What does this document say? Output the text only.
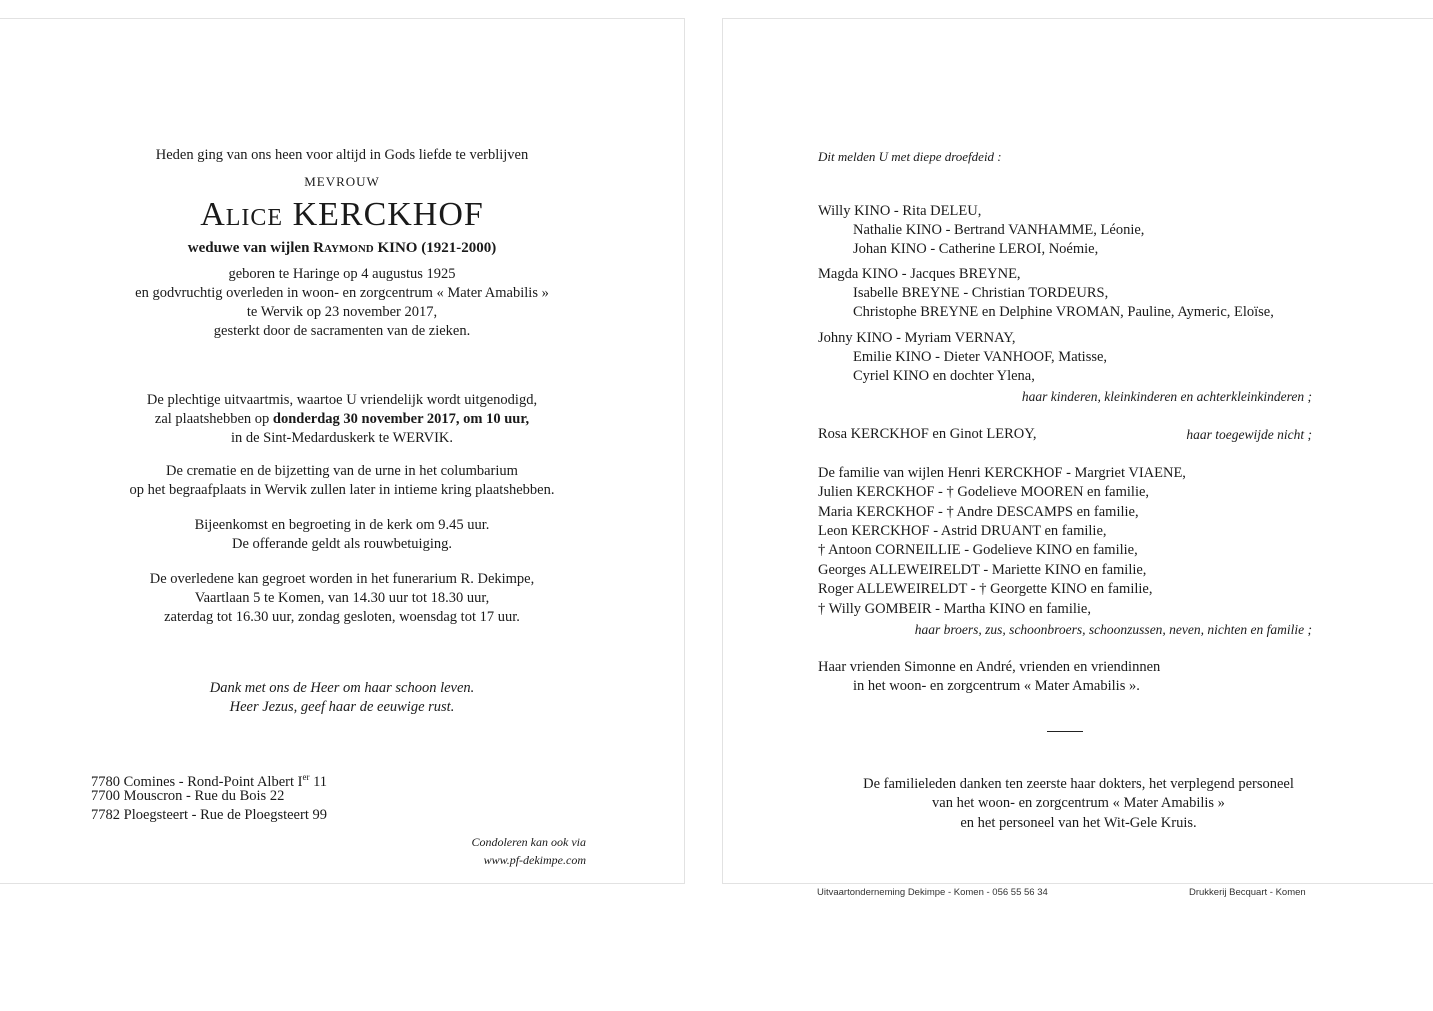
Heden ging van ons heen voor altijd in Gods liefde te verblijven
MEVROUW
Alice KERCKHOF
weduwe van wijlen Raymond KINO (1921-2000)
geboren te Haringe op 4 augustus 1925
en godvruchtig overleden in woon- en zorgcentrum « Mater Amabilis »
te Wervik op 23 november 2017,
gesterkt door de sacramenten van de zieken.
De plechtige uitvaartmis, waartoe U vriendelijk wordt uitgenodigd,
zal plaatshebben op donderdag 30 november 2017, om 10 uur,
in de Sint-Medarduskerk te WERVIK.
De crematie en de bijzetting van de urne in het columbarium
op het begraafplaats in Wervik zullen later in intieme kring plaatshebben.
Bijeenkomst en begroeting in de kerk om 9.45 uur.
De offerande geldt als rouwbetuiging.
De overledene kan gegroet worden in het funerarium R. Dekimpe,
Vaartlaan 5 te Komen, van 14.30 uur tot 18.30 uur,
zaterdag tot 16.30 uur, zondag gesloten, woensdag tot 17 uur.
Dank met ons de Heer om haar schoon leven.
Heer Jezus, geef haar de eeuwige rust.
7780 Comines - Rond-Point Albert Ier 11
7700 Mouscron - Rue du Bois 22
7782 Ploegsteert - Rue de Ploegsteert 99
Condoleren kan ook via
www.pf-dekimpe.com
Dit melden U met diepe droefdeid :
Willy KINO - Rita DELEU,
Nathalie KINO - Bertrand VANHAMME, Léonie,
Johan KINO - Catherine LEROI, Noémie,
Magda KINO - Jacques BREYNE,
Isabelle BREYNE - Christian TORDEURS,
Christophe BREYNE en Delphine VROMAN, Pauline, Aymeric, Eloïse,
Johny KINO - Myriam VERNAY,
Emilie KINO - Dieter VANHOOF, Matisse,
Cyriel KINO en dochter Ylena,
haar kinderen, kleinkinderen en achterkleinkinderen ;
Rosa KERCKHOF en Ginot LEROY,	haar toegewijde nicht ;
De familie van wijlen Henri KERCKHOF - Margriet VIAENE,
Julien KERCKHOF - † Godelieve MOOREN en familie,
Maria KERCKHOF - † Andre DESCAMPS en familie,
Leon KERCKHOF - Astrid DRUANT en familie,
† Antoon CORNEILLIE - Godelieve KINO en familie,
Georges ALLEWEIRELDT - Mariette KINO en familie,
Roger ALLEWEIRELDT - † Georgette KINO en familie,
† Willy GOMBEIR - Martha KINO en familie,
haar broers, zus, schoonbroers, schoonzussen, neven, nichten en familie ;
Haar vrienden Simonne en André, vrienden en vriendinnen
in het woon- en zorgcentrum « Mater Amabilis ».
De familieleden danken ten zeerste haar dokters, het verplegend personeel
van het woon- en zorgcentrum « Mater Amabilis »
en het personeel van het Wit-Gele Kruis.
Uitvaartonderneming Dekimpe - Komen - 056 55 56 34	Drukkerij Becquart - Komen
